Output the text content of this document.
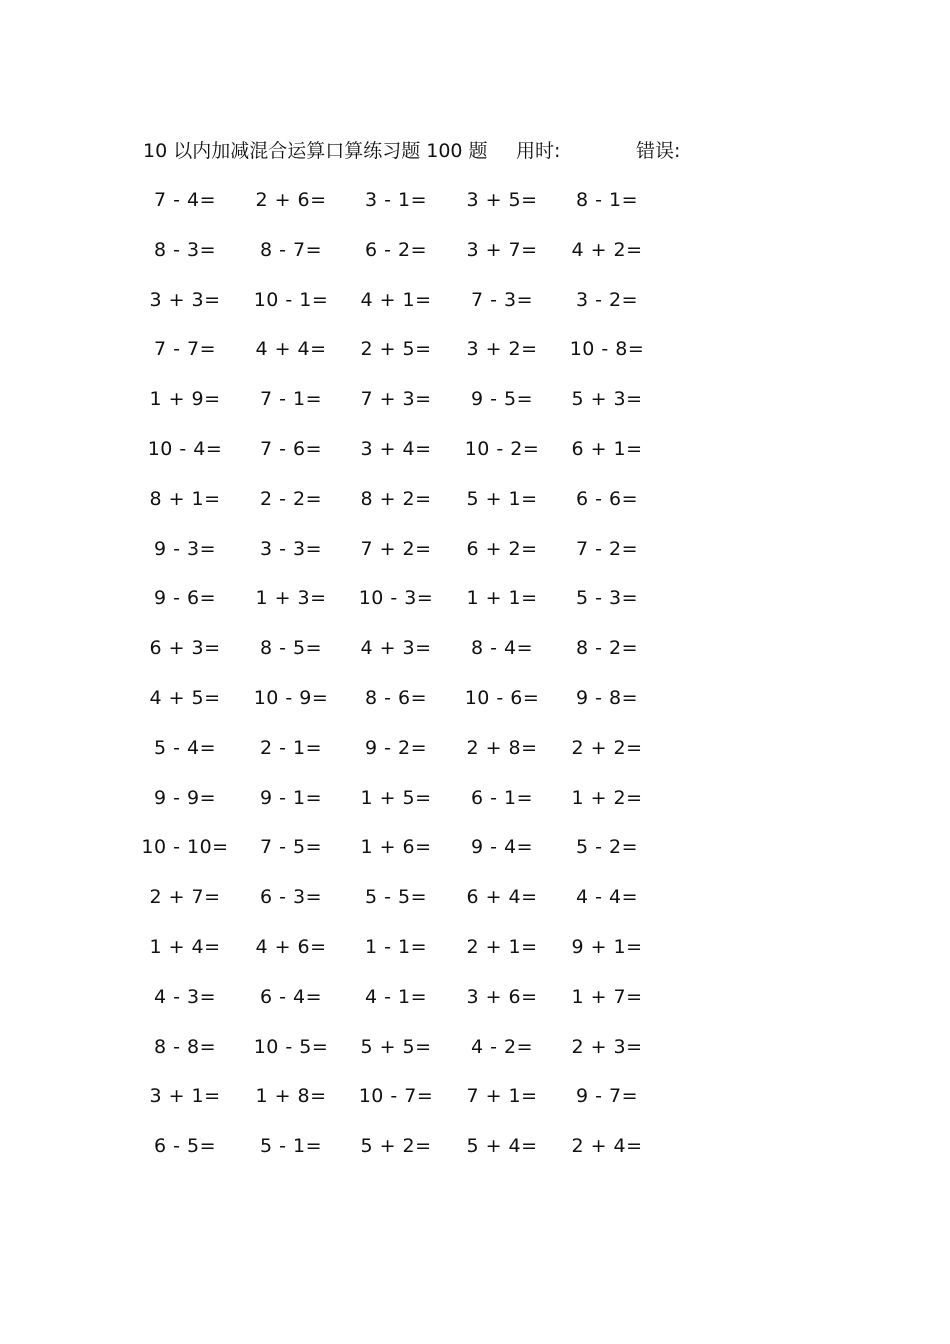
10 以内加减混合运算口算练习题 100 题 用时:	错误:
7 - 4=	2 + 6=	3 - 1=	3 + 5=	8 - 1=
8 - 3=	8 - 7=	6 - 2=	3 + 7=	4 + 2=
3 + 3=	10 - 1=	4 + 1=	7 - 3=	3 - 2=
7 - 7=	4 + 4=	2 + 5=	3 + 2=	10 - 8=
1 + 9=	7 - 1=	7 + 3=	9 - 5=	5 + 3=
10 - 4=	7 - 6=	3 + 4=	10 - 2=	6 + 1=
8 + 1=	2 - 2=	8 + 2=	5 + 1=	6 - 6=
9 - 3=	3 - 3=	7 + 2=	6 + 2=	7 - 2=
9 - 6=	1 + 3=	10 - 3=	1 + 1=	5 - 3=
6 + 3=	8 - 5=	4 + 3=	8 - 4=	8 - 2=
4 + 5=	10 - 9=	8 - 6=	10 - 6=	9 - 8=
5 - 4=	2 - 1=	9 - 2=	2 + 8=	2 + 2=
9 - 9=	9 - 1=	1 + 5=	6 - 1=	1 + 2=
10 - 10=	7 - 5=	1 + 6=	9 - 4=	5 - 2=
2 + 7=	6 - 3=	5 - 5=	6 + 4=	4 - 4=
1 + 4=	4 + 6=	1 - 1=	2 + 1=	9 + 1=
4 - 3=	6 - 4=	4 - 1=	3 + 6=	1 + 7=
8 - 8=	10 - 5=	5 + 5=	4 - 2=	2 + 3=
3 + 1=	1 + 8=	10 - 7=	7 + 1=	9 - 7=
6 - 5=	5 - 1=	5 + 2=	5 + 4=	2 + 4=
